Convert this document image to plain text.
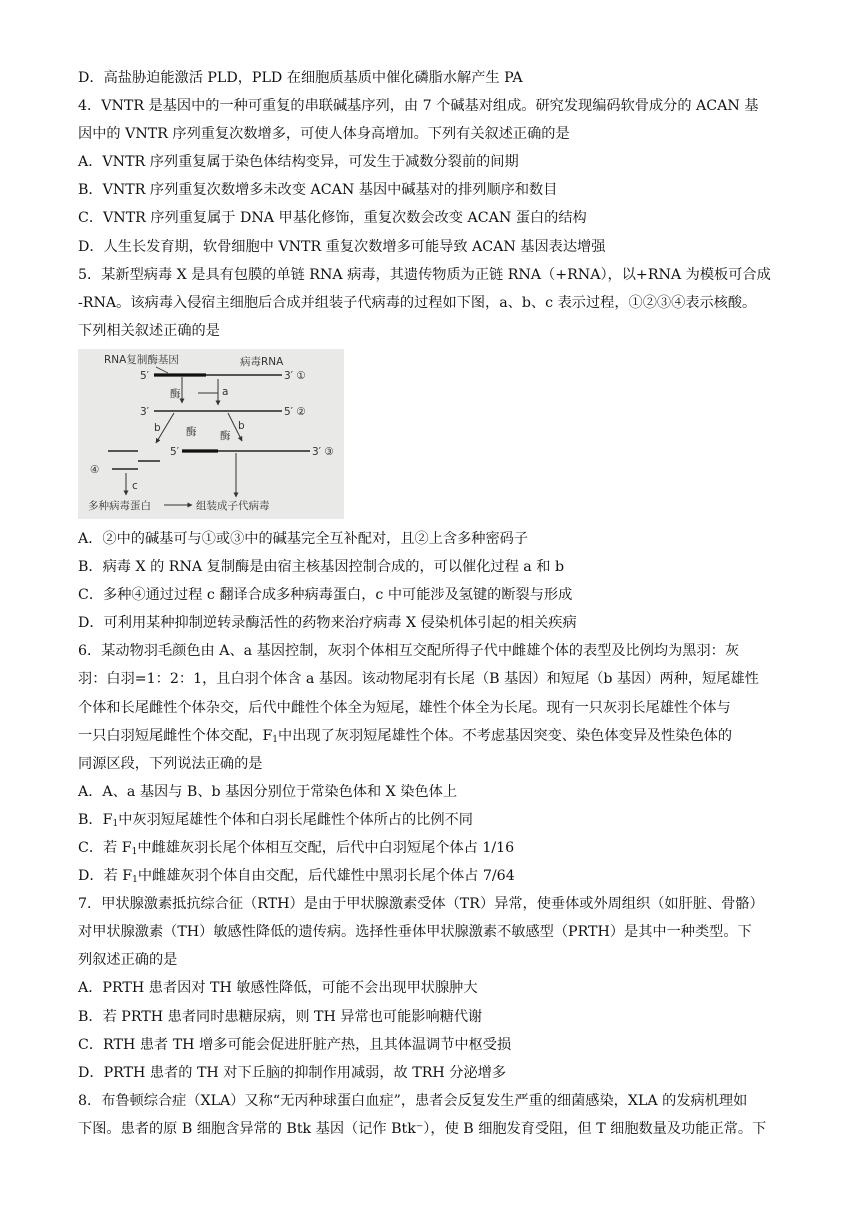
D．高盐胁迫能激活 PLD，PLD 在细胞质基质中催化磷脂水解产生 PA

4．VNTR 是基因中的一种可重复的串联碱基序列，由 7 个碱基对组成。研究发现编码软骨成分的 ACAN 基

因中的 VNTR 序列重复次数增多，可使人体身高增加。下列有关叙述正确的是

A．VNTR 序列重复属于染色体结构变异，可发生于减数分裂前的间期

B．VNTR 序列重复次数增多未改变 ACAN 基因中碱基对的排列顺序和数目

C．VNTR 序列重复属于 DNA 甲基化修饰，重复次数会改变 ACAN 蛋白的结构

D．人生长发育期，软骨细胞中 VNTR 重复次数增多可能导致 ACAN 基因表达增强

5．某新型病毒 X 是具有包膜的单链 RNA 病毒，其遗传物质为正链 RNA（+RNA），以+RNA 为模板可合成

-RNA。该病毒入侵宿主细胞后合成并组装子代病毒的过程如下图，a、b、c 表示过程，①②③④表示核酸。

下列相关叙述正确的是

RNA复制酶基因	病毒RNA
5′	3′ ①
酶	a
3′	5′ ②
b 酶	b
酶
5′	3′ ③
④
c
多种病毒蛋白	组装成子代病毒

A．②中的碱基可与①或③中的碱基完全互补配对，且②上含多种密码子

B．病毒 X 的 RNA 复制酶是由宿主核基因控制合成的，可以催化过程 a 和 b

C．多种④通过过程 c 翻译合成多种病毒蛋白，c 中可能涉及氢键的断裂与形成

D．可利用某种抑制逆转录酶活性的药物来治疗病毒 X 侵染机体引起的相关疾病

6．某动物羽毛颜色由 A、a 基因控制，灰羽个体相互交配所得子代中雌雄个体的表型及比例均为黑羽：灰

羽：白羽=1：2：1，且白羽个体含 a 基因。该动物尾羽有长尾（B 基因）和短尾（b 基因）两种，短尾雄性

个体和长尾雌性个体杂交，后代中雌性个体全为短尾，雄性个体全为长尾。现有一只灰羽长尾雄性个体与

一只白羽短尾雌性个体交配，$F_1$中出现了灰羽短尾雄性个体。不考虑基因突变、染色体变异及性染色体的

同源区段，下列说法正确的是

A．A、a 基因与 B、b 基因分别位于常染色体和 X 染色体上

B．$F_1$中灰羽短尾雄性个体和白羽长尾雌性个体所占的比例不同

C．若 $F_1$中雌雄灰羽长尾个体相互交配，后代中白羽短尾个体占 1/16

D．若 $F_1$中雌雄灰羽个体自由交配，后代雄性中黑羽长尾个体占 7/64

7．甲状腺激素抵抗综合征（RTH）是由于甲状腺激素受体（TR）异常，使垂体或外周组织（如肝脏、骨骼）

对甲状腺激素（TH）敏感性降低的遗传病。选择性垂体甲状腺激素不敏感型（PRTH）是其中一种类型。下

列叙述正确的是

A．PRTH 患者因对 TH 敏感性降低，可能不会出现甲状腺肿大

B．若 PRTH 患者同时患糖尿病，则 TH 异常也可能影响糖代谢

C．RTH 患者 TH 增多可能会促进肝脏产热，且其体温调节中枢受损

D．PRTH 患者的 TH 对下丘脑的抑制作用减弱，故 TRH 分泌增多

8．布鲁顿综合症（XLA）又称“无丙种球蛋白血症”，患者会反复发生严重的细菌感染，XLA 的发病机理如

下图。患者的原 B 细胞含异常的 Btk 基因（记作 Btk⁻），使 B 细胞发育受阻，但 T 细胞数量及功能正常。下
